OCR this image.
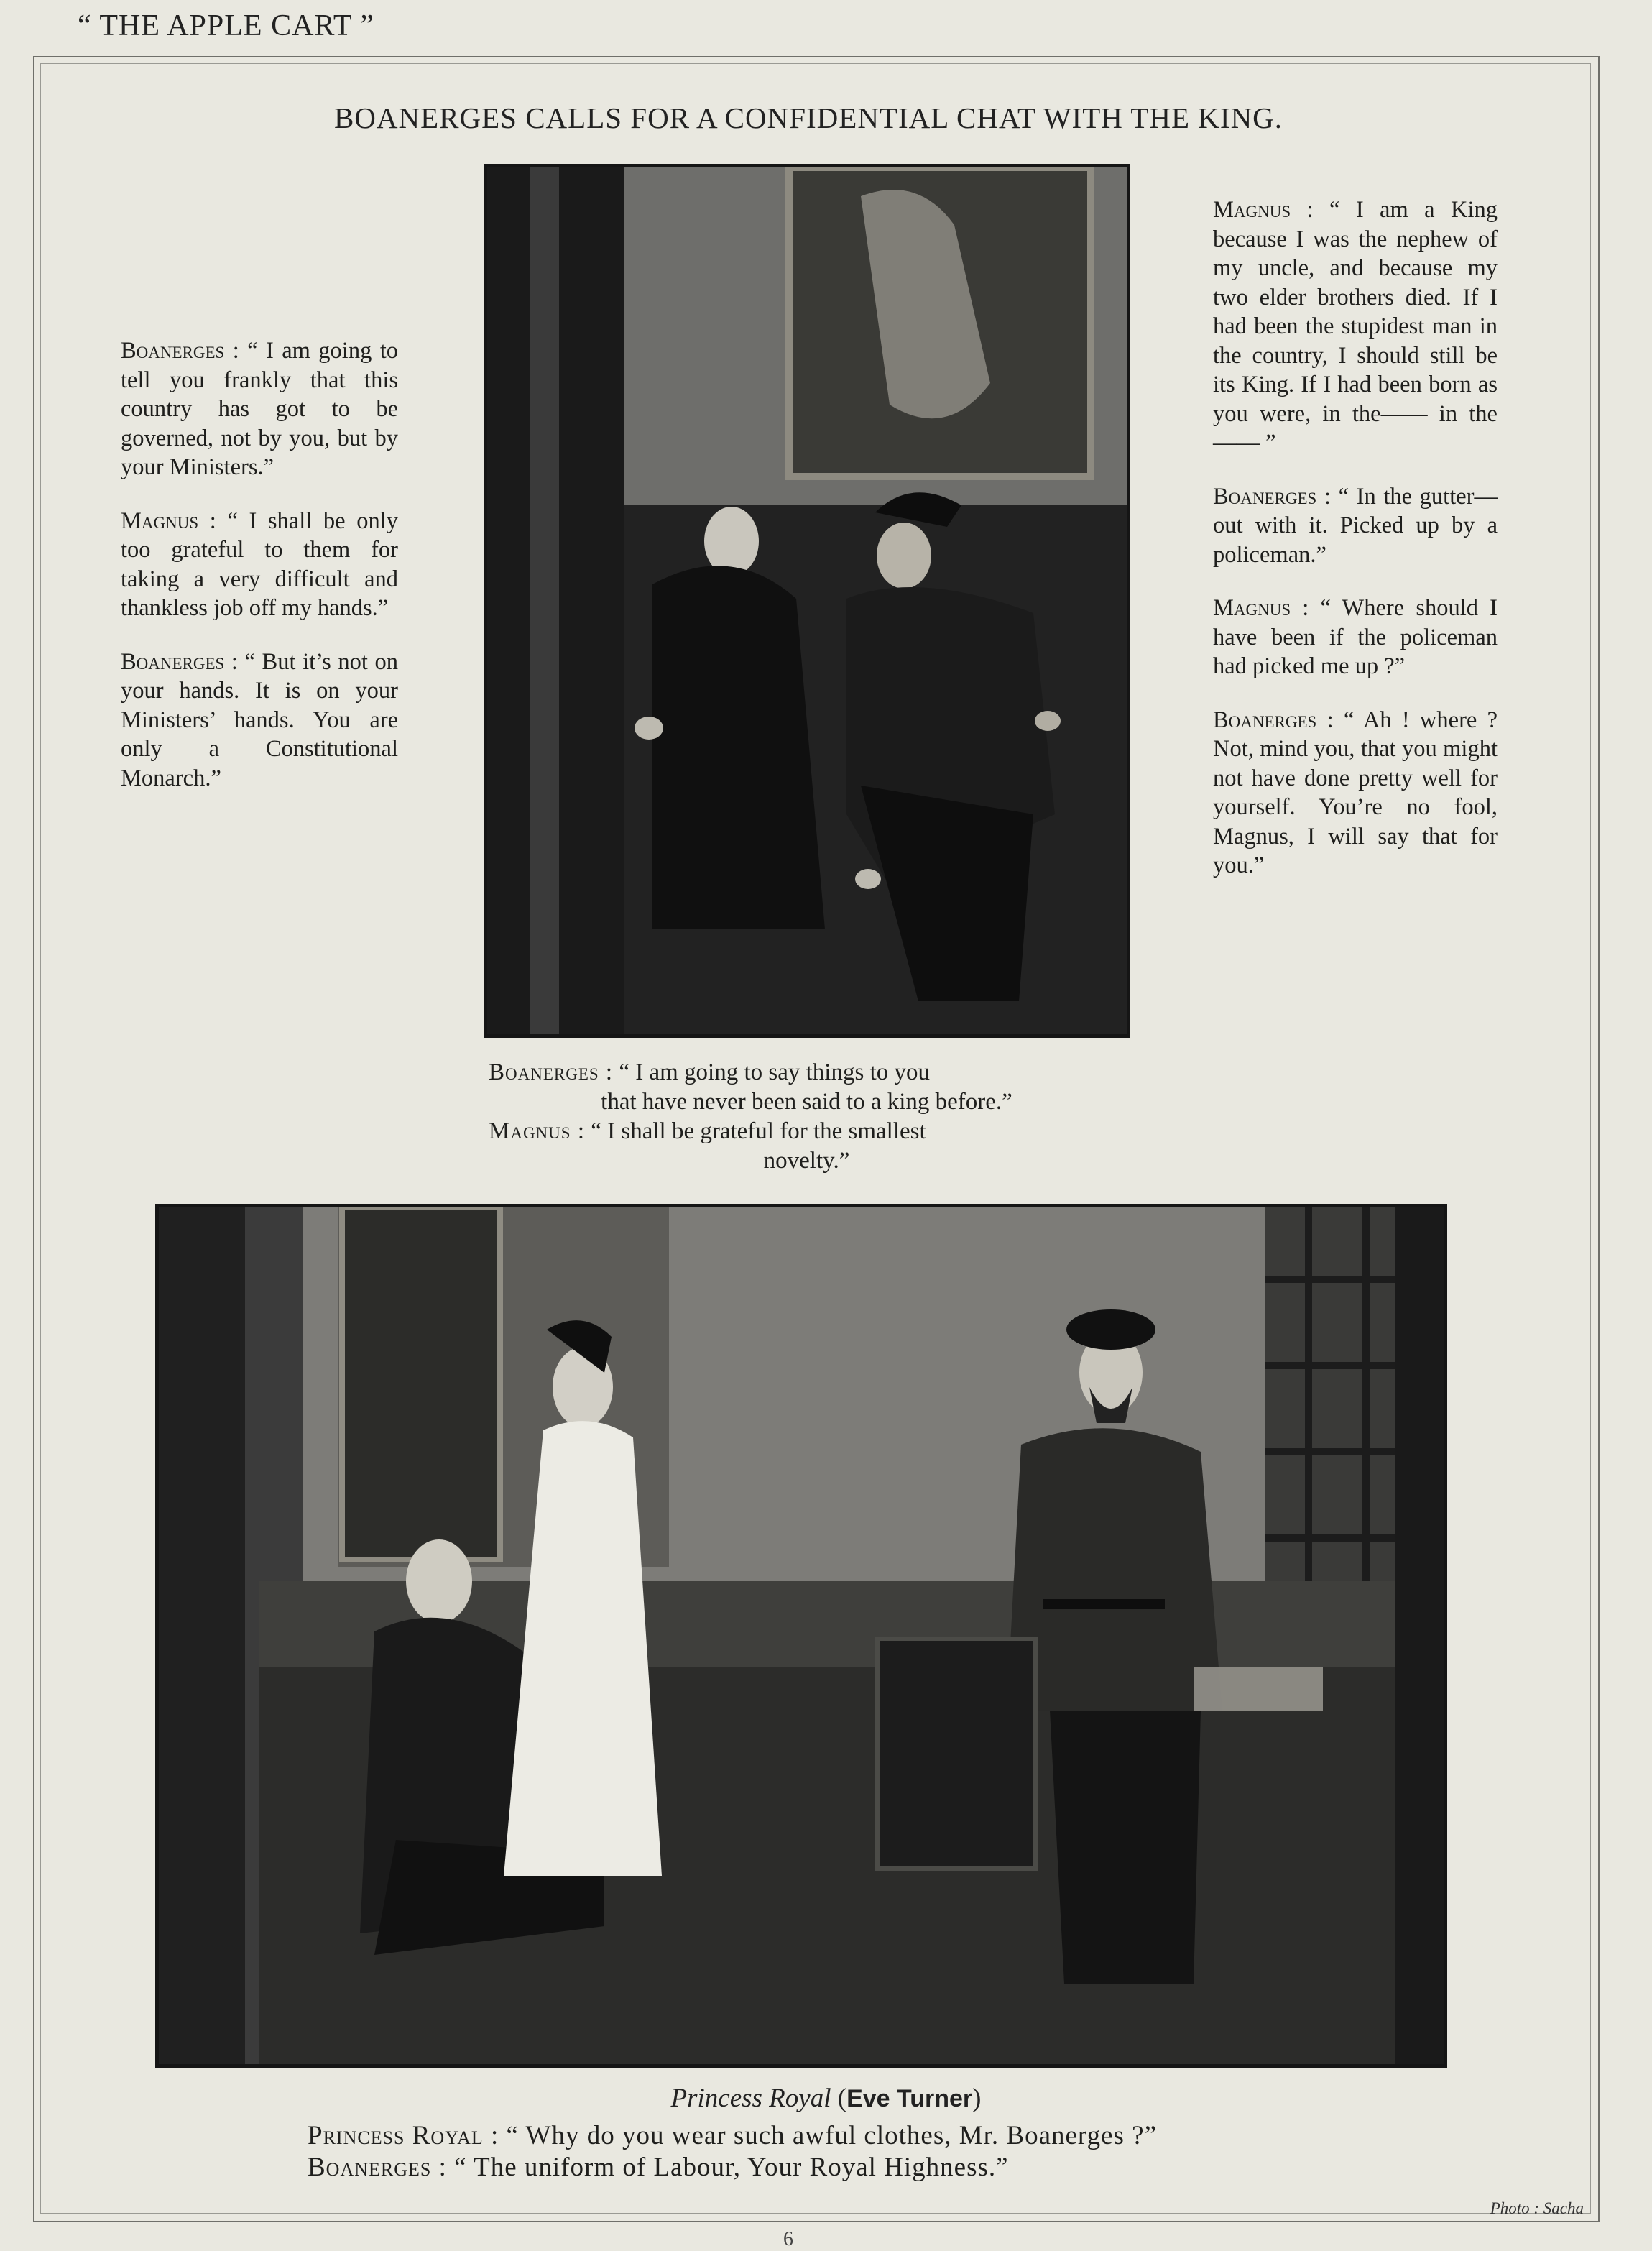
“ THE APPLE CART ”
BOANERGES CALLS FOR A CONFIDENTIAL CHAT WITH THE KING.

Boanerges : “ I am going to tell you frankly that this country has got to be governed, not by you, but by your Ministers.”

Magnus : “ I shall be only too grateful to them for taking a very difficult and thankless job off my hands.”

Boanerges : “ But it’s not on your hands. It is on your Ministers’ hands. You are only a Constitutional Monarch.”

Magnus : “ I am a King because I was the nephew of my uncle, and because my two elder brothers died. If I had been the stupidest man in the country, I should still be its King. If I had been born as you were, in the—— in the—— ”

Boanerges : “ In the gutter—out with it. Picked up by a policeman.”

Magnus : “ Where should I have been if the policeman had picked me up ?”

Boanerges : “ Ah ! where ? Not, mind you, that you might not have done pretty well for yourself. You’re no fool, Magnus, I will say that for you.”

Boanerges : “ I am going to say things to you
that have never been said to a king before.”
Magnus : “ I shall be grateful for the smallest
novelty.”
Princess Royal (Eve Turner)
Princess Royal : “ Why do you wear such awful clothes, Mr. Boanerges ?”
Boanerges : “ The uniform of Labour, Your Royal Highness.”
Photo : Sacha
6
